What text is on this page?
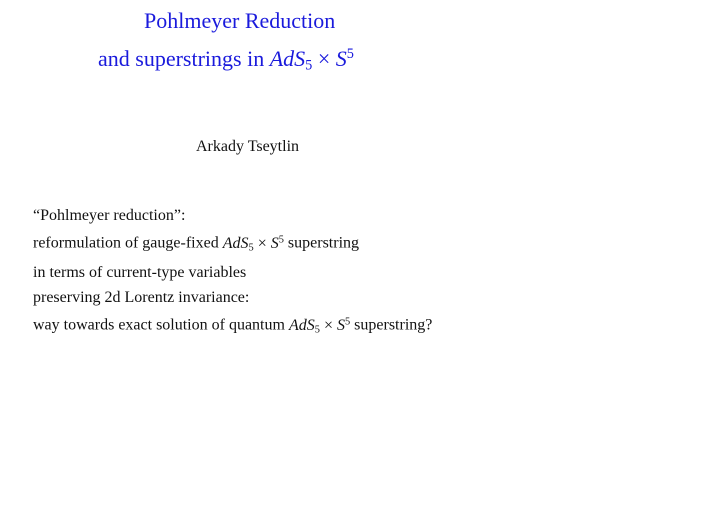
Pohlmeyer Reduction
and superstrings in $AdS_5 \times S^5$
Arkady Tseytlin
“Pohlmeyer reduction”:
reformulation of gauge-fixed $AdS_5 \times S^5$ superstring
in terms of current-type variables
preserving 2d Lorentz invariance:
way towards exact solution of quantum $AdS_5 \times S^5$ superstring?
